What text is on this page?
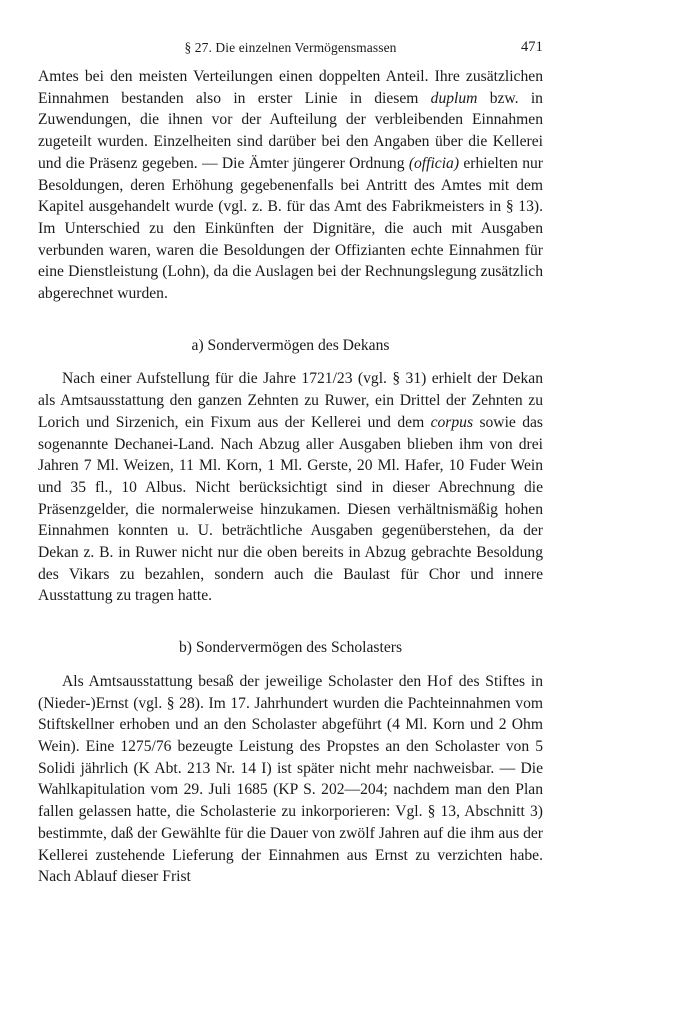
§ 27. Die einzelnen Vermögensmassen	471

Amtes bei den meisten Verteilungen einen doppelten Anteil. Ihre zusätzlichen Einnahmen bestanden also in erster Linie in diesem duplum bzw. in Zuwendungen, die ihnen vor der Aufteilung der verbleibenden Einnahmen zugeteilt wurden. Einzelheiten sind darüber bei den Angaben über die Kellerei und die Präsenz gegeben. — Die Ämter jüngerer Ordnung (officia) erhielten nur Besoldungen, deren Erhöhung gegebenenfalls bei Antritt des Amtes mit dem Kapitel ausgehandelt wurde (vgl. z. B. für das Amt des Fabrikmeisters in § 13). Im Unterschied zu den Einkünften der Dignitäre, die auch mit Ausgaben verbunden waren, waren die Besoldungen der Offizianten echte Einnahmen für eine Dienstleistung (Lohn), da die Auslagen bei der Rechnungslegung zusätzlich abgerechnet wurden.

a) Sondervermögen des Dekans

Nach einer Aufstellung für die Jahre 1721/23 (vgl. § 31) erhielt der Dekan als Amtsausstattung den ganzen Zehnten zu Ruwer, ein Drittel der Zehnten zu Lorich und Sirzenich, ein Fixum aus der Kellerei und dem corpus sowie das sogenannte Dechanei-Land. Nach Abzug aller Ausgaben blieben ihm von drei Jahren 7 Ml. Weizen, 11 Ml. Korn, 1 Ml. Gerste, 20 Ml. Hafer, 10 Fuder Wein und 35 fl., 10 Albus. Nicht berücksichtigt sind in dieser Abrechnung die Präsenzgelder, die normalerweise hinzukamen. Diesen verhältnismäßig hohen Einnahmen konnten u. U. beträchtliche Ausgaben gegenüberstehen, da der Dekan z. B. in Ruwer nicht nur die oben bereits in Abzug gebrachte Besoldung des Vikars zu bezahlen, sondern auch die Baulast für Chor und innere Ausstattung zu tragen hatte.

b) Sondervermögen des Scholasters

Als Amtsausstattung besaß der jeweilige Scholaster den Hof des Stiftes in (Nieder-)Ernst (vgl. § 28). Im 17. Jahrhundert wurden die Pachteinnahmen vom Stiftskellner erhoben und an den Scholaster abgeführt (4 Ml. Korn und 2 Ohm Wein). Eine 1275/76 bezeugte Leistung des Propstes an den Scholaster von 5 Solidi jährlich (K Abt. 213 Nr. 14 I) ist später nicht mehr nachweisbar. — Die Wahlkapitulation vom 29. Juli 1685 (KP S. 202—204; nachdem man den Plan fallen gelassen hatte, die Scholasterie zu inkorporieren: Vgl. § 13, Abschnitt 3) bestimmte, daß der Gewählte für die Dauer von zwölf Jahren auf die ihm aus der Kellerei zustehende Lieferung der Einnahmen aus Ernst zu verzichten habe. Nach Ablauf dieser Frist
